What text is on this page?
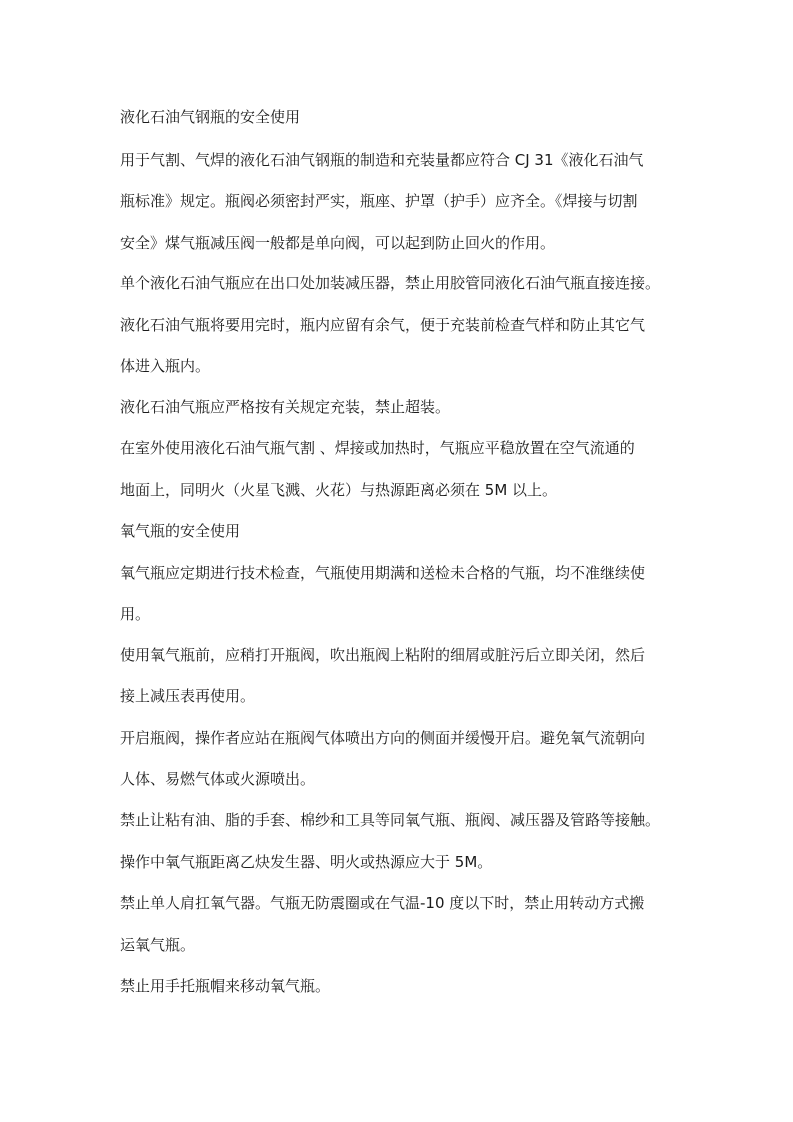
液化石油气钢瓶的安全使用
用于气割、气焊的液化石油气钢瓶的制造和充装量都应符合 CJ 31《液化石油气
瓶标准》规定。瓶阀必须密封严实，瓶座、护罩（护手）应齐全。《焊接与切割
安全》煤气瓶减压阀一般都是单向阀，可以起到防止回火的作用。
单个液化石油气瓶应在出口处加装减压器，禁止用胶管同液化石油气瓶直接连接。
液化石油气瓶将要用完时，瓶内应留有余气，便于充装前检查气样和防止其它气
体进入瓶内。
液化石油气瓶应严格按有关规定充装，禁止超装。
在室外使用液化石油气瓶气割 、焊接或加热时，气瓶应平稳放置在空气流通的
地面上，同明火（火星飞溅、火花）与热源距离必须在 5M 以上。
氧气瓶的安全使用
氧气瓶应定期进行技术检查，气瓶使用期满和送检未合格的气瓶，均不准继续使
用。
使用氧气瓶前，应稍打开瓶阀，吹出瓶阀上粘附的细屑或脏污后立即关闭，然后
接上减压表再使用。
开启瓶阀，操作者应站在瓶阀气体喷出方向的侧面并缓慢开启。避免氧气流朝向
人体、易燃气体或火源喷出。
禁止让粘有油、脂的手套、棉纱和工具等同氧气瓶、瓶阀、减压器及管路等接触。
操作中氧气瓶距离乙炔发生器、明火或热源应大于 5M。
禁止单人肩扛氧气器。气瓶无防震圈或在气温-10 度以下时，禁止用转动方式搬
运氧气瓶。
禁止用手托瓶帽来移动氧气瓶。
